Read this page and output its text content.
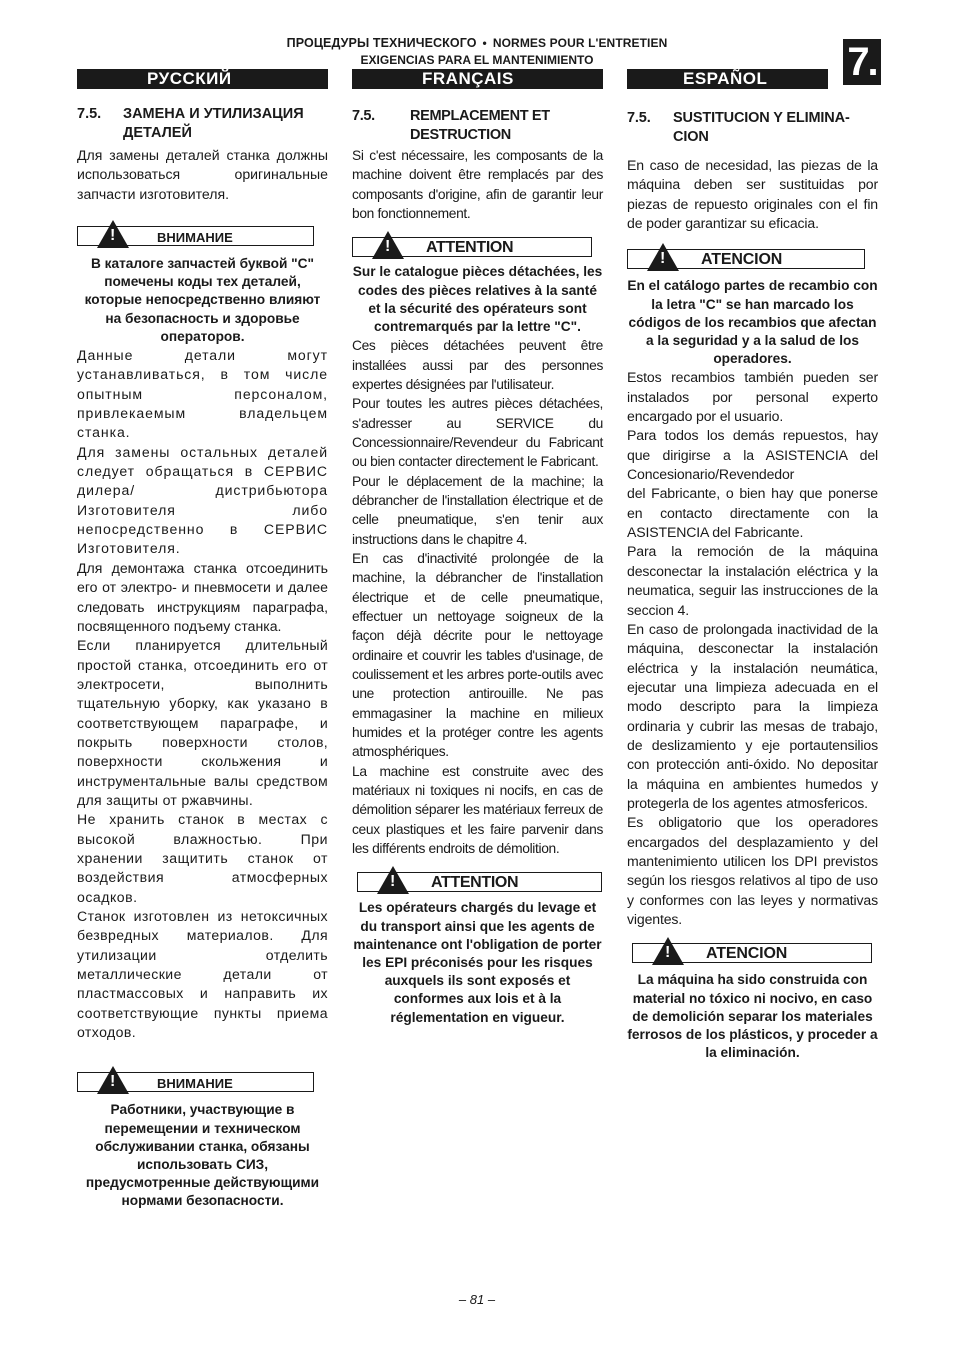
ПРОЦЕДУРЫ ТЕХНИЧЕСКОГО • NORMES POUR L'ENTRETIEN
EXIGENCIAS PARA EL MANTENIMIENTO	7.
РУССКИЙ	FRANÇAIS	ESPAÑOL
7.5.	ЗАМЕНА И УТИЛИЗАЦИЯ ДЕТАЛЕЙ

Для замены деталей станка должны использоваться оригинальные запчасти изготовителя.

!
ВНИМАНИЕ

В каталоге запчастей буквой "С" помечены коды тех деталей, которые непосредственно влияют на безопасность и здоровье операторов.

Данные детали могут устанавливаться, в том числе опытным персоналом, привлекаемым владельцем станка.

Для замены остальных деталей следует обращаться в СЕРВИС дилера/ дистрибьютора Изготовителя либо непосредственно в СЕРВИС Изготовителя.

Для демонтажа станка отсоединить его от электро- и пневмосети и далее следовать инструкциям параграфа, посвященного подъему станка.

Если планируется длительный простой станка, отсоединить его от электросети, выполнить тщательную уборку, как указано в соответствующем параграфе, и покрыть поверхности столов, поверхности скольжения и инструментальные валы средством для защиты от ржавчины.

Не хранить станок в местах с высокой влажностью. При хранении защитить станок от воздействия атмосферных осадков.

Станок изготовлен из нетоксичных безвредных материалов. Для утилизации отделить металлические детали от пластмассовых и направить их соответствующие пункты приема отходов.

!
ВНИМАНИЕ

Работники, участвующие в перемещении и техническом обслуживании станка, обязаны использовать СИЗ, предусмотренные действующими нормами безопасности.

7.5.	REMPLACEMENT ET DESTRUCTION

Si c'est nécessaire, les composants de la machine doivent être remplacés par des composants d'origine, afin de garantir leur bon fonctionnement.

!
ATTENTION

Sur le catalogue pièces détachées, les codes des pièces relatives à la santé et la sécurité des opérateurs sont contremarqués par la lettre "C".

Ces pièces détachées peuvent être installées aussi par des personnes expertes désignées par l'utilisateur.

Pour toutes les autres pièces détachées, s'adresser au SERVICE du Concessionnaire/Revendeur du Fabricant ou bien contacter directement le Fabricant.

Pour le déplacement de la machine; la débrancher de l'installation électrique et de celle pneumatique, s'en tenir aux instructions dans le chapitre 4.

En cas d'inactivité prolongée de la machine, la débrancher de l'installation électrique et de celle pneumatique, effectuer un nettoyage soigneux de la façon déjà décrite pour le nettoyage ordinaire et couvrir les tables d'usinage, de coulissement et les arbres porte-outils avec une protection antirouille. Ne pas emmagasiner la machine en milieux humides et la protéger contre les agents atmosphériques.

La machine est construite avec des matériaux ni toxiques ni nocifs, en cas de démolition séparer les matériaux ferreux de ceux plastiques et les faire parvenir dans les différents endroits de démolition.

!
ATTENTION

Les opérateurs chargés du levage et du transport ainsi que les agents de maintenance ont l'obligation de porter les EPI préconisés pour les risques auxquels ils sont exposés et conformes aux lois et à la réglementation en vigueur.

7.5.	SUSTITUCION Y ELIMINA-CION

En caso de necesidad, las piezas de la máquina deben ser sustituidas por piezas de repuesto originales con el fin de poder garantizar su eficacia.

!
ATENCION

En el catálogo partes de recambio con la letra "C" se han marcado los códigos de los recambios que afectan a la seguridad y a la salud de los operadores.

Estos recambios también pueden ser instalados por personal experto encargado por el usuario.

Para todos los demás repuestos, hay que dirigirse a la ASISTENCIA del Concesionario/Revendedor

del Fabricante, o bien hay que ponerse en contacto directamente con la ASISTENCIA del Fabricante.

Para la remoción de la máquina desconectar la instalación eléctrica y la neumatica, seguir las instrucciones de la seccion 4.

En caso de prolongada inactividad de la máquina, desconectar la instalación eléctrica y la instalación neumática, ejecutar una limpieza adecuada en el modo descripto para la limpieza ordinaria y cubrir las mesas de trabajo, de deslizamiento y eje portautensilios con protección anti-óxido. No depositar la máquina en ambientes humedos y protegerla de los agentes atmosfericos.

Es obligatorio que los operadores encargados del desplazamiento y del mantenimiento utilicen los DPI previstos según los riesgos relativos al tipo de uso y conformes con las leyes y normativas vigentes.

!
ATENCION

La máquina ha sido construida con material no tóxico ni nocivo, en caso de demolición separar los materiales ferrosos de los plásticos, y proceder a la eliminación.

– 81 –
